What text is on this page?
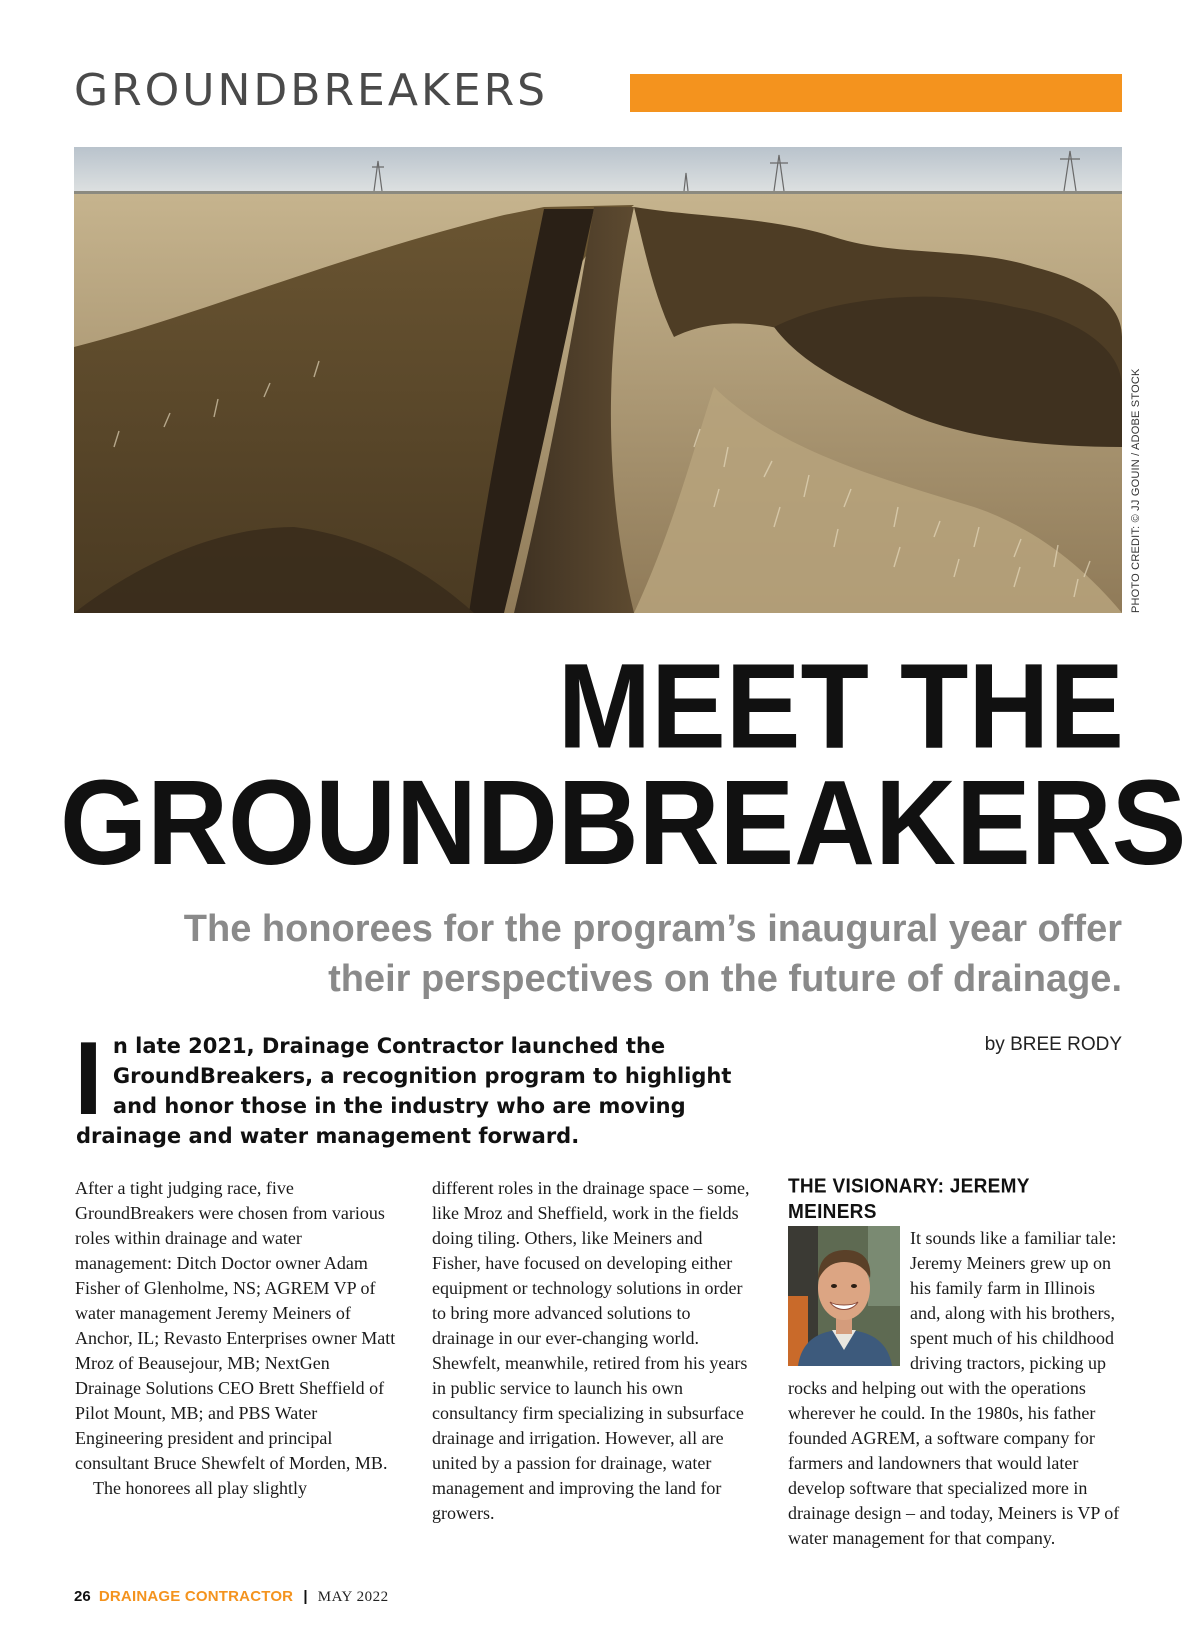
GROUNDBREAKERS
PHOTO CREDIT: © JJ GOUIN / ADOBE STOCK
MEET THE
GROUNDBREAKERS
The honorees for the program’s inaugural year offer
their perspectives on the future of drainage.
by BREE RODY

In late 2021, Drainage Contractor launched the GroundBreakers, a recognition program to highlight and honor those in the industry who are moving drainage and water management forward.

After a tight judging race, five GroundBreakers were chosen from various roles within drainage and water management: Ditch Doctor owner Adam Fisher of Glenholme, NS; AGREM VP of water management Jeremy Meiners of Anchor, IL; Revasto Enterprises owner Matt Mroz of Beausejour, MB; NextGen Drainage Solutions CEO Brett Sheffield of Pilot Mount, MB; and PBS Water Engineering president and principal consultant Bruce Shewfelt of Morden, MB.

The honorees all play slightly

different roles in the drainage space – some, like Mroz and Sheffield, work in the fields doing tiling. Others, like Meiners and Fisher, have focused on developing either equipment or technology solutions in order to bring more advanced solutions to drainage in our ever-changing world. Shewfelt, meanwhile, retired from his years in public service to launch his own consultancy firm specializing in subsurface drainage and irrigation. However, all are united by a passion for drainage, water management and improving the land for growers.

THE VISIONARY: JEREMY MEINERS

It sounds like a familiar tale: Jeremy Meiners grew up on his family farm in Illinois and, along with his brothers, spent much of his childhood driving tractors, picking up rocks and helping out with the operations wherever he could. In the 1980s, his father founded AGREM, a software company for farmers and landowners that would later develop software that specialized more in drainage design – and today, Meiners is VP of water management for that company.

26 DRAINAGE CONTRACTOR | MAY 2022
